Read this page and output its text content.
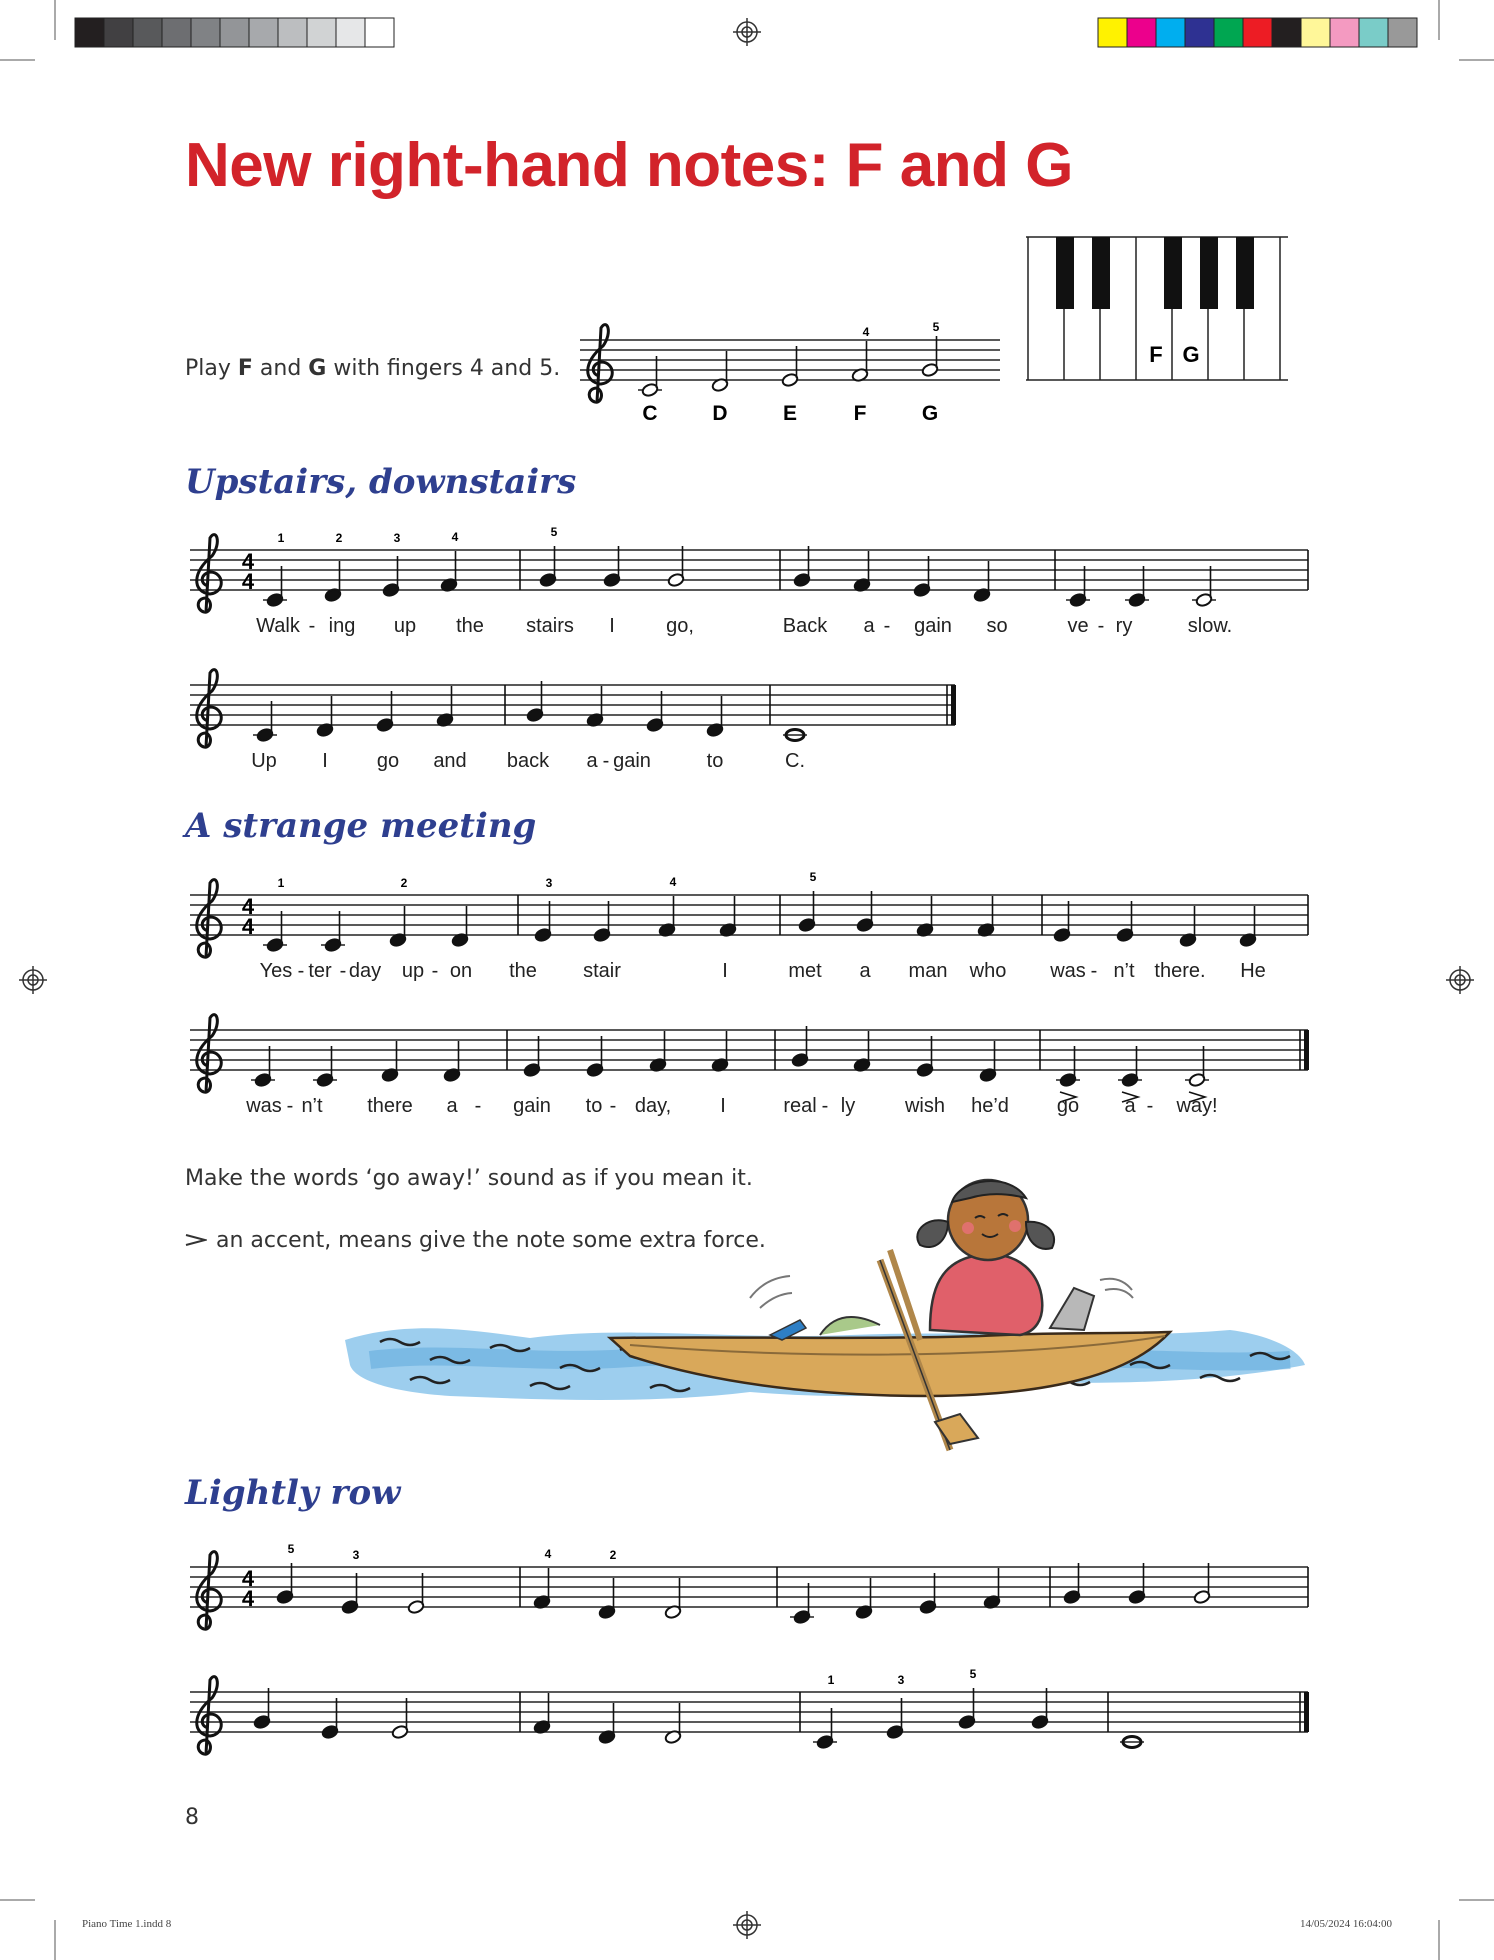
New right-hand notes: F and G
Play F and G with fingers 4 and 5.
C	D	E	F	G
4	5
F G
Upstairs, downstairs
4
4
1	2	3	4	5
Walk - ing up the stairs I	go,	Back a - gain so	ve - ry	slow.
Up I go and back a - gain	to	C.
A strange meeting
4
4
1	2	3	4	5
Yes - ter - day up - on the stair	I	met a man who was - n’t there. He
was - n’t there a - gain to - day, I	real - ly wish he’d go a - way!
Make the words ‘go away!’ sound as if you mean it.
an accent, means give the note some extra force.
Lightly row
4
4
5	3	4	2
1	3	5
8
Piano Time 1.indd 8	14/05/2024 16:04:00
